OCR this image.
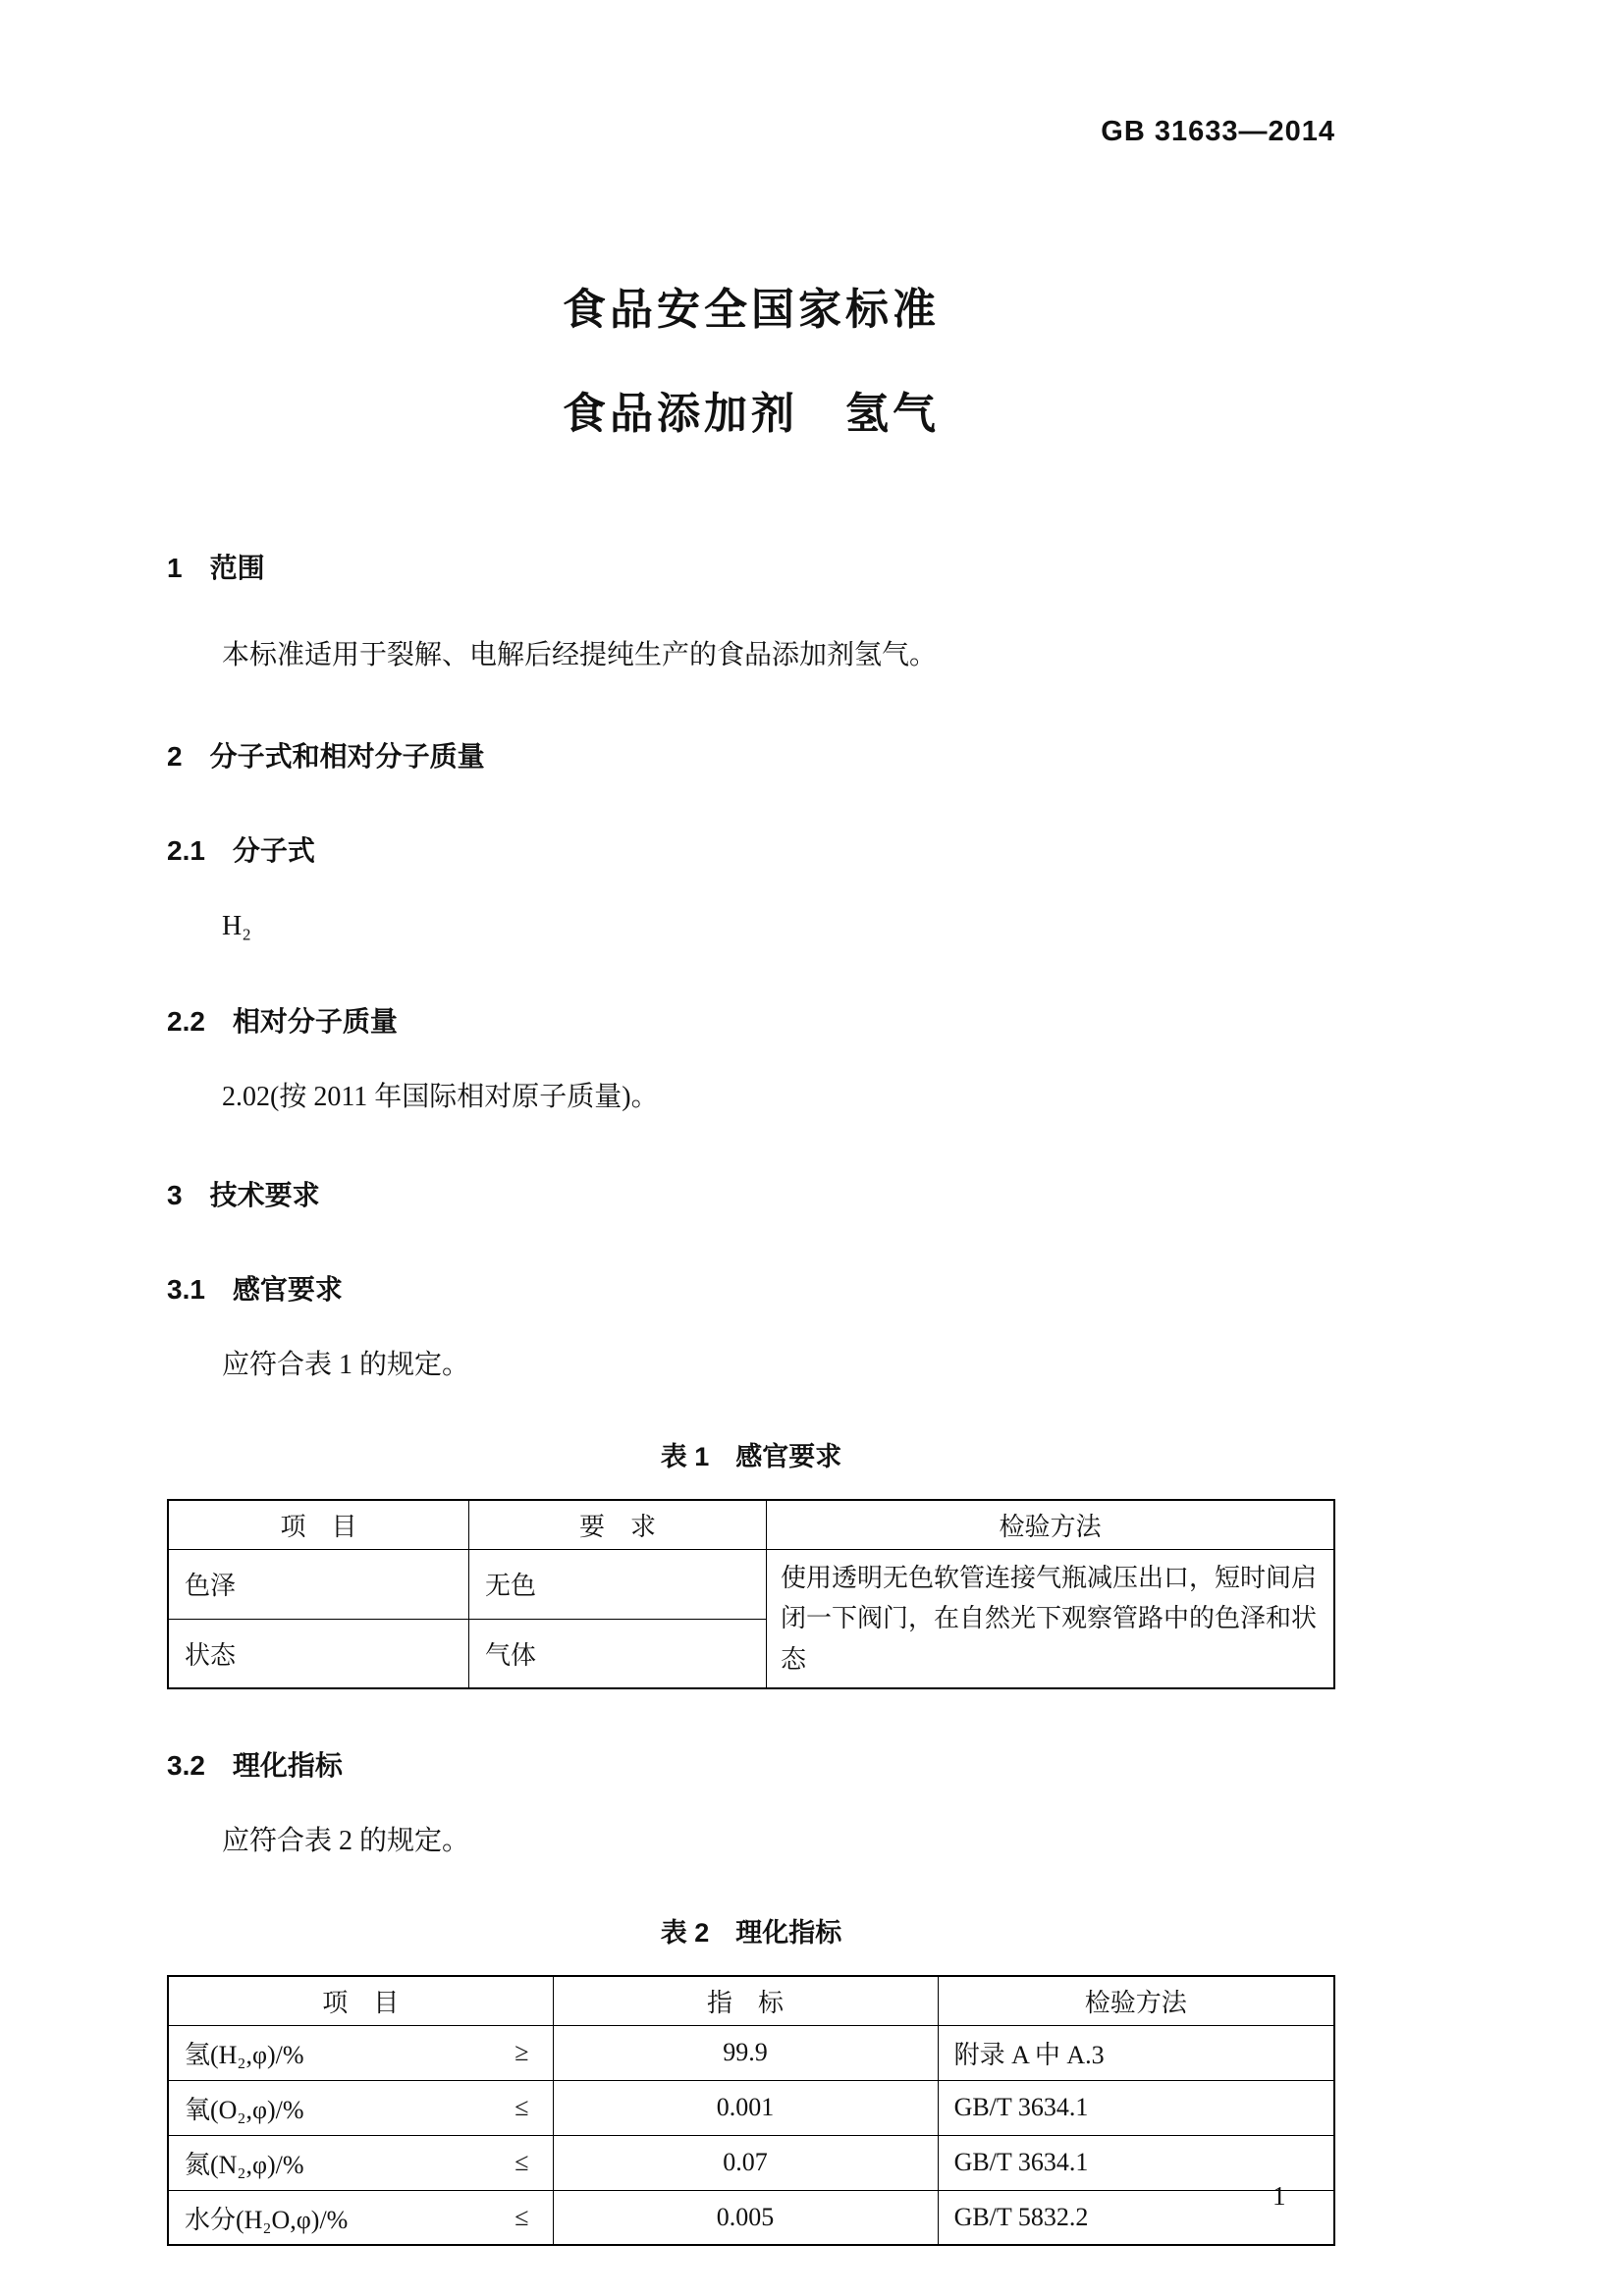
GB 31633—2014
食品安全国家标准
食品添加剂　氢气
1　范围

本标准适用于裂解、电解后经提纯生产的食品添加剂氢气。

2　分子式和相对分子质量
2.1　分子式

H₂

2.2　相对分子质量

2.02(按 2011 年国际相对原子质量)。

3　技术要求
3.1　感官要求

应符合表 1 的规定。

表 1　感官要求
项　目	要　求	检验方法
色泽	无色	使用透明无色软管连接气瓶减压出口，短时间启闭一下阀门，在自然光下观察管路中的色泽和状态
状态	气体	
3.2　理化指标

应符合表 2 的规定。

表 2　理化指标
项　目	指　标	检验方法

氢(H₂,φ)/% ≥	99.9	附录 A 中 A.3

氧(O₂,φ)/% ≤	0.001	GB/T 3634.1

氮(N₂,φ)/% ≤	0.07	GB/T 3634.1

水分(H₂O,φ)/% ≤	0.005	GB/T 5832.2
1
